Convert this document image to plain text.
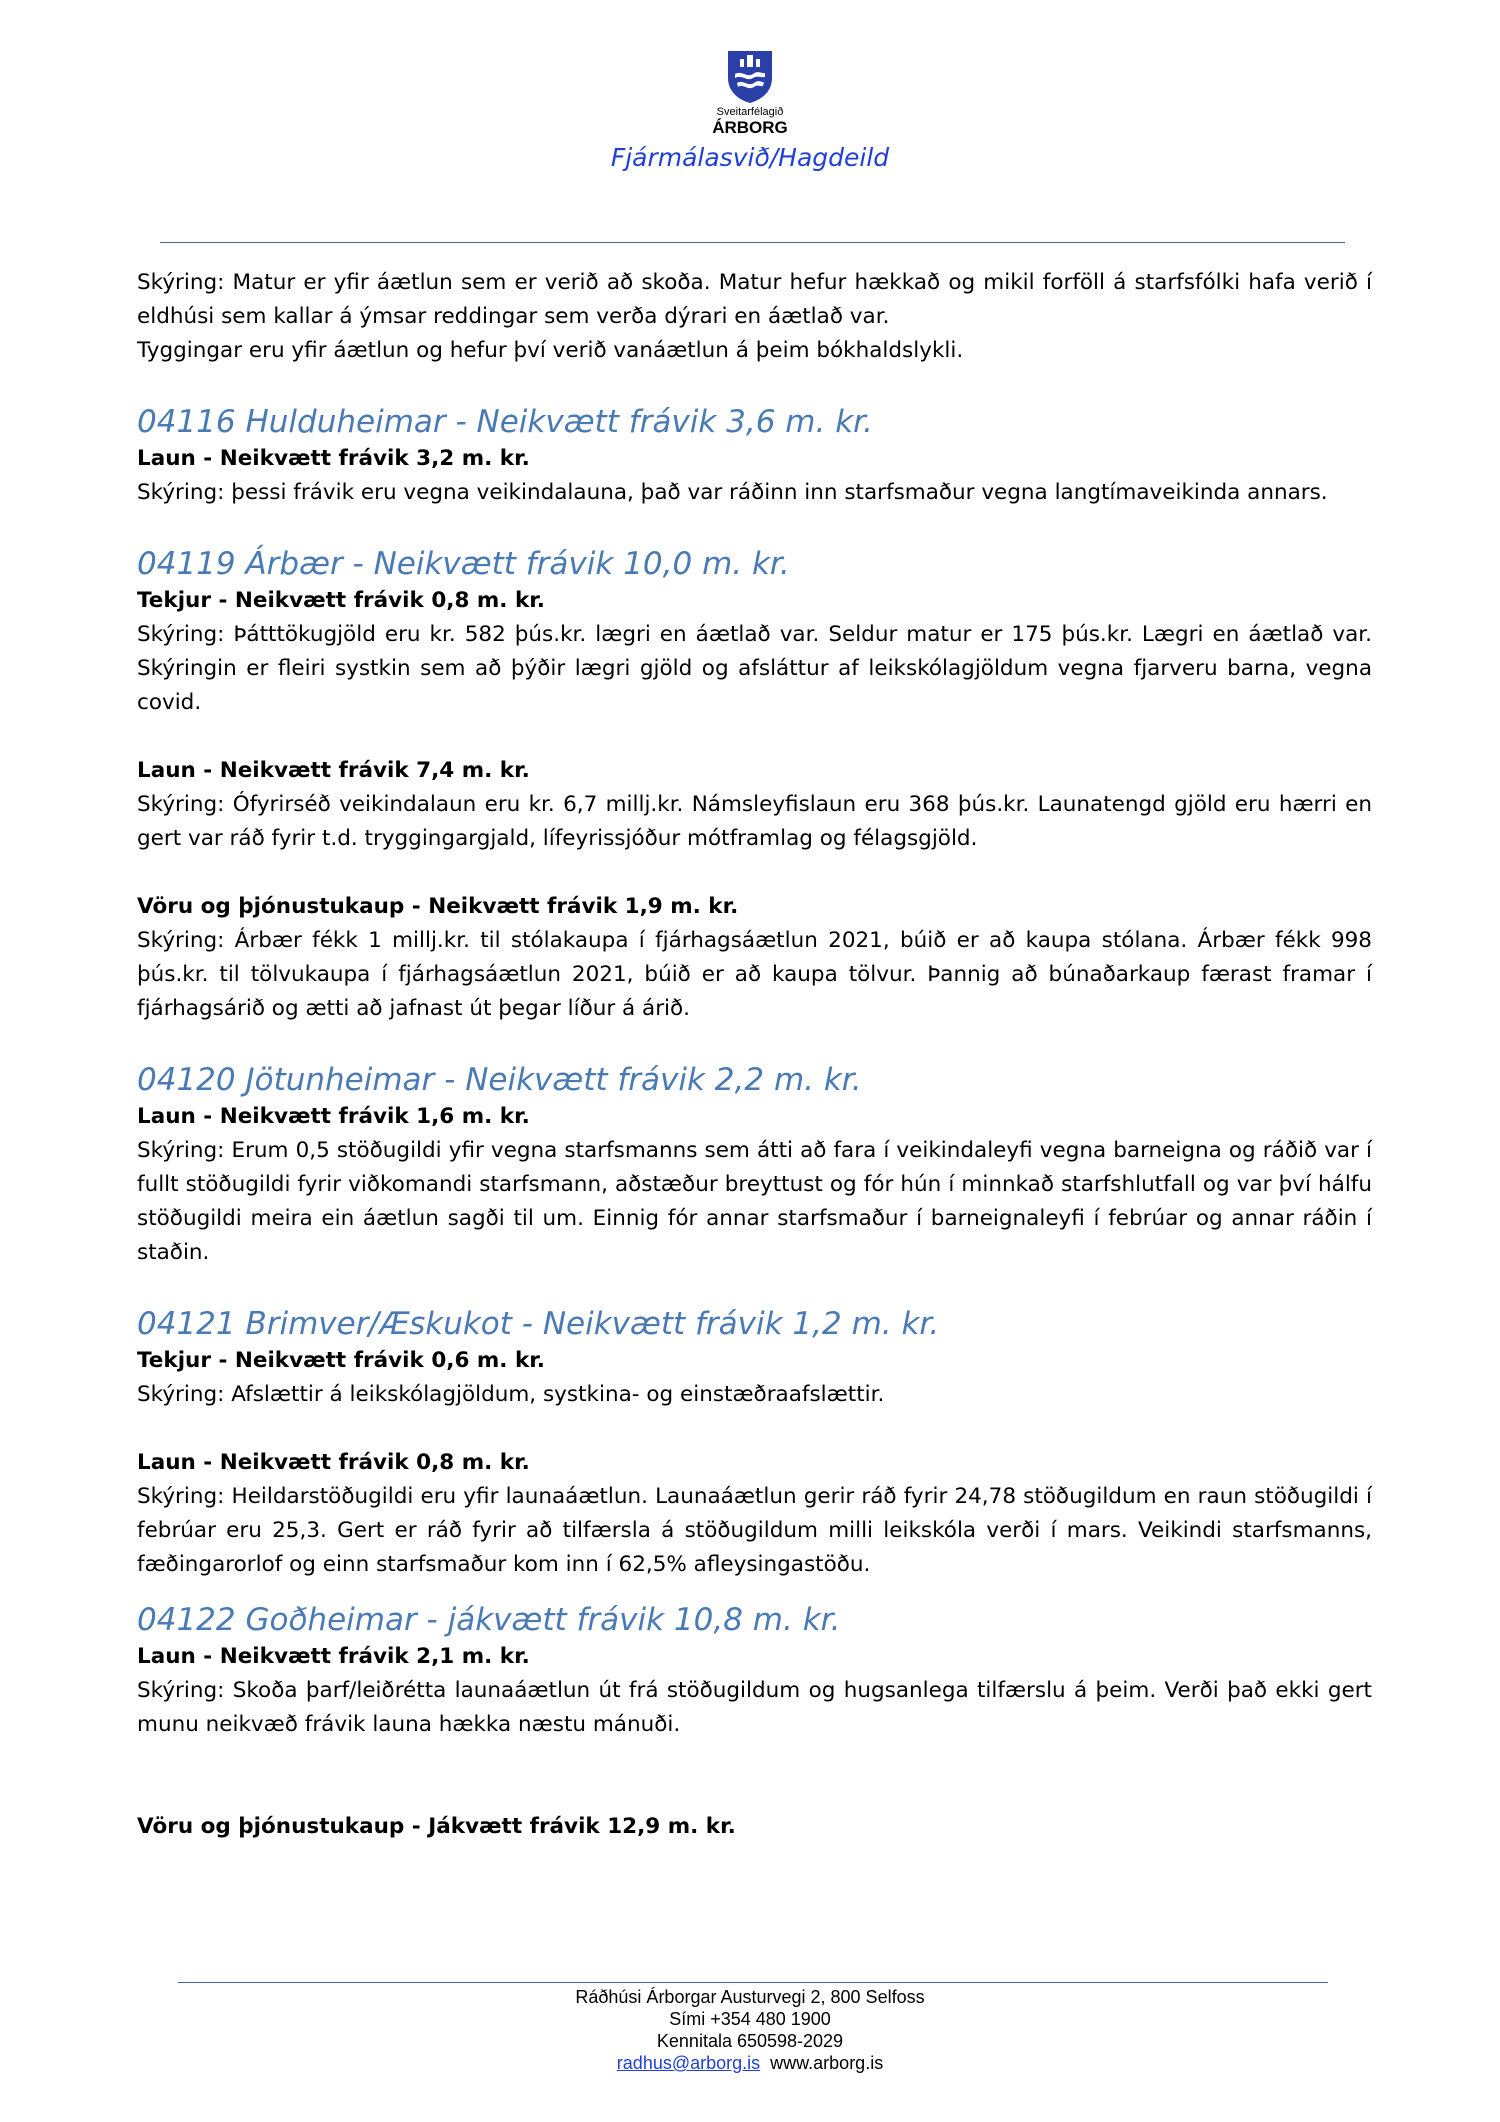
Sveitarfélagið
ÁRBORG
Fjármálasvið/Hagdeild

Skýring: Matur er yfir áætlun sem er verið að skoða. Matur hefur hækkað og mikil forföll á starfsfólki hafa verið í eldhúsi sem kallar á ýmsar reddingar sem verða dýrari en áætlað var.

Tyggingar eru yfir áætlun og hefur því verið vanáætlun á þeim bókhaldslykli.

04116 Hulduheimar - Neikvætt frávik 3,6 m. kr.

Laun - Neikvætt frávik 3,2 m. kr.

Skýring: þessi frávik eru vegna veikindalauna, það var ráðinn inn starfsmaður vegna langtímaveikinda annars.

04119 Árbær - Neikvætt frávik 10,0 m. kr.

Tekjur - Neikvætt frávik 0,8 m. kr.

Skýring: Þátttökugjöld eru kr. 582 þús.kr. lægri en áætlað var. Seldur matur er 175 þús.kr. Lægri en áætlað var. Skýringin er fleiri systkin sem að þýðir lægri gjöld og afsláttur af leikskólagjöldum vegna fjarveru barna, vegna covid.

Laun - Neikvætt frávik 7,4 m. kr.

Skýring: Ófyrirséð veikindalaun eru kr. 6,7 millj.kr. Námsleyfislaun eru 368 þús.kr. Launatengd gjöld eru hærri en gert var ráð fyrir t.d. tryggingargjald, lífeyrissjóður mótframlag og félagsgjöld.

Vöru og þjónustukaup - Neikvætt frávik 1,9 m. kr.

Skýring: Árbær fékk 1 millj.kr. til stólakaupa í fjárhagsáætlun 2021, búið er að kaupa stólana. Árbær fékk 998 þús.kr. til tölvukaupa í fjárhagsáætlun 2021, búið er að kaupa tölvur. Þannig að búnaðarkaup færast framar í fjárhagsárið og ætti að jafnast út þegar líður á árið.

04120 Jötunheimar - Neikvætt frávik 2,2 m. kr.

Laun - Neikvætt frávik 1,6 m. kr.

Skýring: Erum 0,5 stöðugildi yfir vegna starfsmanns sem átti að fara í veikindaleyfi vegna barneigna og ráðið var í fullt stöðugildi fyrir viðkomandi starfsmann, aðstæður breyttust og fór hún í minnkað starfshlutfall og var því hálfu stöðugildi meira ein áætlun sagði til um. Einnig fór annar starfsmaður í barneignaleyfi í febrúar og annar ráðin í staðin.

04121 Brimver/Æskukot - Neikvætt frávik 1,2 m. kr.

Tekjur - Neikvætt frávik 0,6 m. kr.

Skýring: Afslættir á leikskólagjöldum, systkina- og einstæðraafslættir.

Laun - Neikvætt frávik 0,8 m. kr.

Skýring: Heildarstöðugildi eru yfir launaáætlun. Launaáætlun gerir ráð fyrir 24,78 stöðugildum en raun stöðugildi í febrúar eru 25,3. Gert er ráð fyrir að tilfærsla á stöðugildum milli leikskóla verði í mars. Veikindi starfsmanns, fæðingarorlof og einn starfsmaður kom inn í 62,5% afleysingastöðu.

04122 Goðheimar - jákvætt frávik 10,8 m. kr.

Laun - Neikvætt frávik 2,1 m. kr.

Skýring: Skoða þarf/leiðrétta launaáætlun út frá stöðugildum og hugsanlega tilfærslu á þeim. Verði það ekki gert munu neikvæð frávik launa hækka næstu mánuði.

Vöru og þjónustukaup - Jákvætt frávik 12,9 m. kr.

Ráðhúsi Árborgar Austurvegi 2, 800 Selfoss
Sími +354 480 1900
Kennitala 650598-2029
radhus@arborg.is www.arborg.is
